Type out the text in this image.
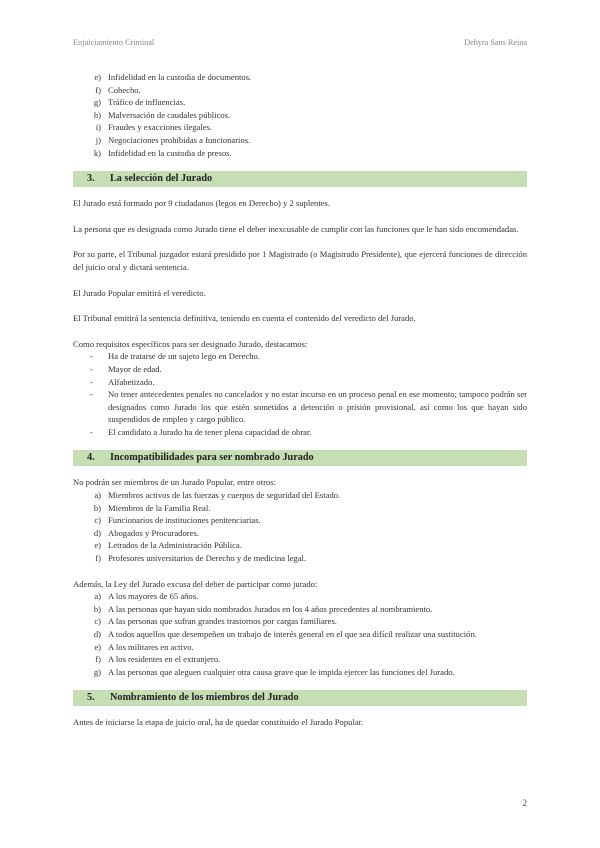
Enjuiciamiento Criminal	Dehyra Sans Reina
e) Infidelidad en la custodia de documentos.
f) Cohecho.
g) Tráfico de influencias.
h) Malversación de caudales públicos.
i) Fraudes y exacciones ilegales.
j) Negociaciones prohibidas a funcionarios.
k) Infidelidad en la custodia de presos.
3.	La selección del Jurado

El Jurado está formado por 9 ciudadanos (legos en Derecho) y 2 suplentes.

La persona que es designada como Jurado tiene el deber inexcusable de cumplir con las funciones que le han sido encomendadas.

Por su parte, el Tribunal juzgador estará presidido por 1 Magistrado (o Magistrado Presidente), que ejercerá funciones de dirección del juicio oral y dictará sentencia.

El Jurado Popular emitirá el veredicto.

El Tribunal emitirá la sentencia definitiva, teniendo en cuenta el contenido del veredicto del Jurado.

Como requisitos específicos para ser designado Jurado, destacamos:

-	Ha de tratarse de un sujeto lego en Derecho.
-	Mayor de edad.
-	Alfabetizado.
-	No tener antecedentes penales no cancelados y no estar incurso en un proceso penal en ese momento; tampoco podrán ser designados como Jurado los que estén sometidos a detención o prisión provisional, así como los que hayan sido suspendidos de empleo y cargo público.
-	El candidato a Jurado ha de tener plena capacidad de obrar.
4.	Incompatibilidades para ser nombrado Jurado

No podrán ser miembros de un Jurado Popular, entre otros:

a) Miembros activos de las fuerzas y cuerpos de seguridad del Estado.
b) Miembros de la Familia Real.
c) Funcionarios de instituciones penitenciarias.
d) Abogados y Procuradores.
e) Letrados de la Administración Pública.
f) Profesores universitarios de Derecho y de medicina legal.

Además, la Ley del Jurado excusa del deber de participar como jurado:

a) A los mayores de 65 años.
b) A las personas que hayan sido nombrados Jurados en los 4 años precedentes al nombramiento.
c) A las personas que sufran grandes trastornos por cargas familiares.
d) A todos aquellos que desempeñen un trabajo de interés general en el que sea difícil realizar una sustitución.
e) A los militares en activo.
f) A los residentes en el extranjero.
g) A las personas que aleguen cualquier otra causa grave que le impida ejercer las funciones del Jurado.
5.	Nombramiento de los miembros del Jurado

Antes de iniciarse la etapa de juicio oral, ha de quedar constituido el Jurado Popular.

2
